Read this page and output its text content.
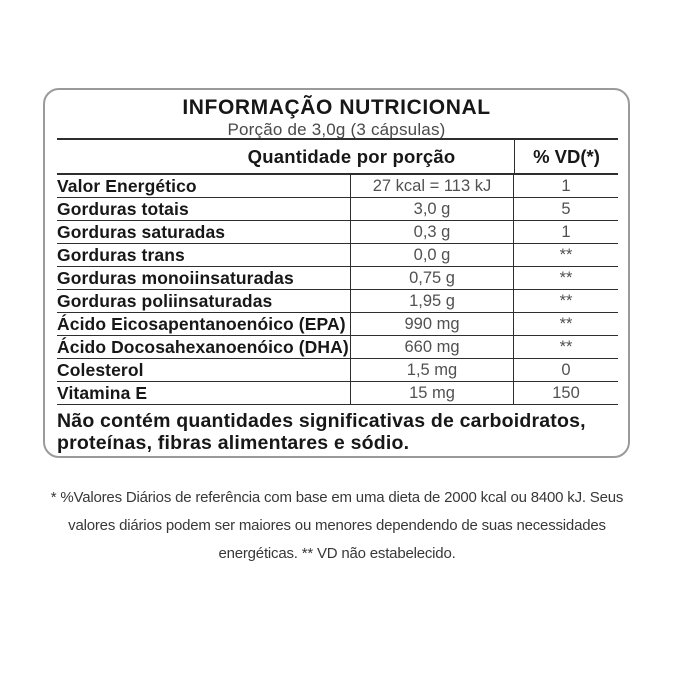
INFORMAÇÃO NUTRICIONAL
Porção de 3,0g (3 cápsulas)
Quantidade por porção	% VD(*)
Valor Energético	27 kcal = 113 kJ	1
Gorduras totais	3,0 g	5
Gorduras saturadas	0,3 g	1
Gorduras trans	0,0 g	**
Gorduras monoiinsaturadas	0,75 g	**
Gorduras poliinsaturadas	1,95 g	**
Ácido Eicosapentanoenóico (EPA)	990 mg	**
Ácido Docosahexanoenóico (DHA)	660 mg	**
Colesterol	1,5 mg	0
Vitamina E	15 mg	150
Não contém quantidades significativas de carboidratos,
proteínas, fibras alimentares e sódio.
* %Valores Diários de referência com base em uma dieta de 2000 kcal ou 8400 kJ. Seus
valores diários podem ser maiores ou menores dependendo de suas necessidades
energéticas. ** VD não estabelecido.
